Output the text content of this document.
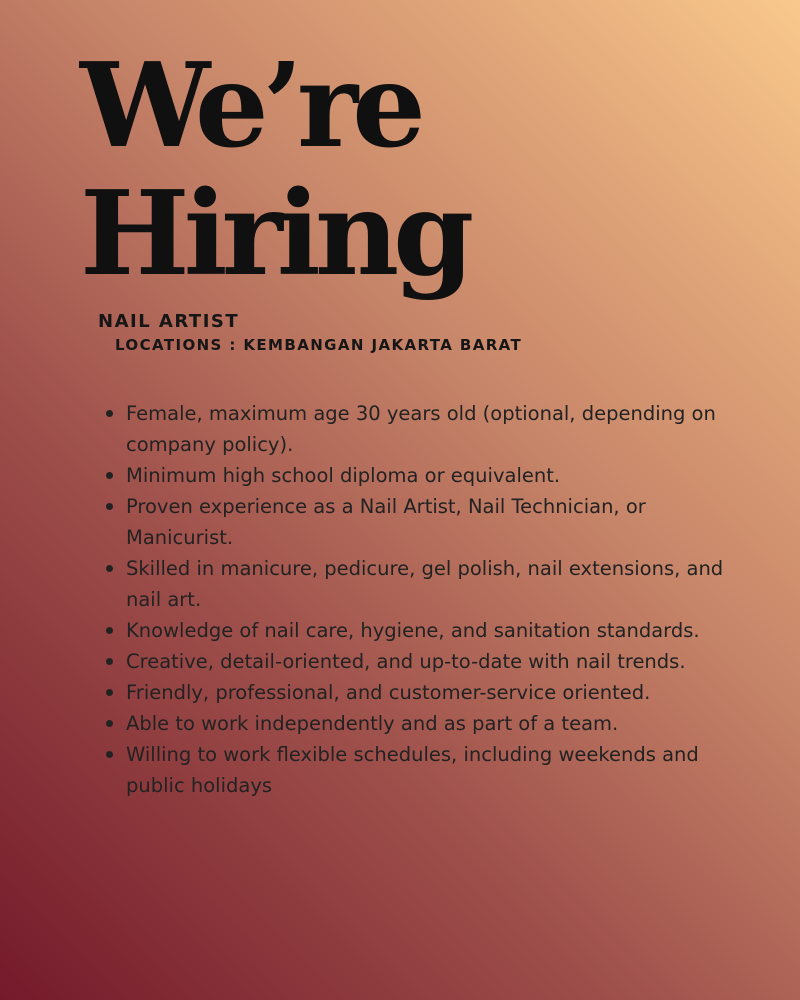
We’re
Hiring
NAIL ARTIST
LOCATIONS : KEMBANGAN JAKARTA BARAT
Female, maximum age 30 years old (optional, depending on company policy).
Minimum high school diploma or equivalent.
Proven experience as a Nail Artist, Nail Technician, or Manicurist.
Skilled in manicure, pedicure, gel polish, nail extensions, and nail art.
Knowledge of nail care, hygiene, and sanitation standards.
Creative, detail-oriented, and up-to-date with nail trends.
Friendly, professional, and customer-service oriented.
Able to work independently and as part of a team.
Willing to work flexible schedules, including weekends and public holidays
